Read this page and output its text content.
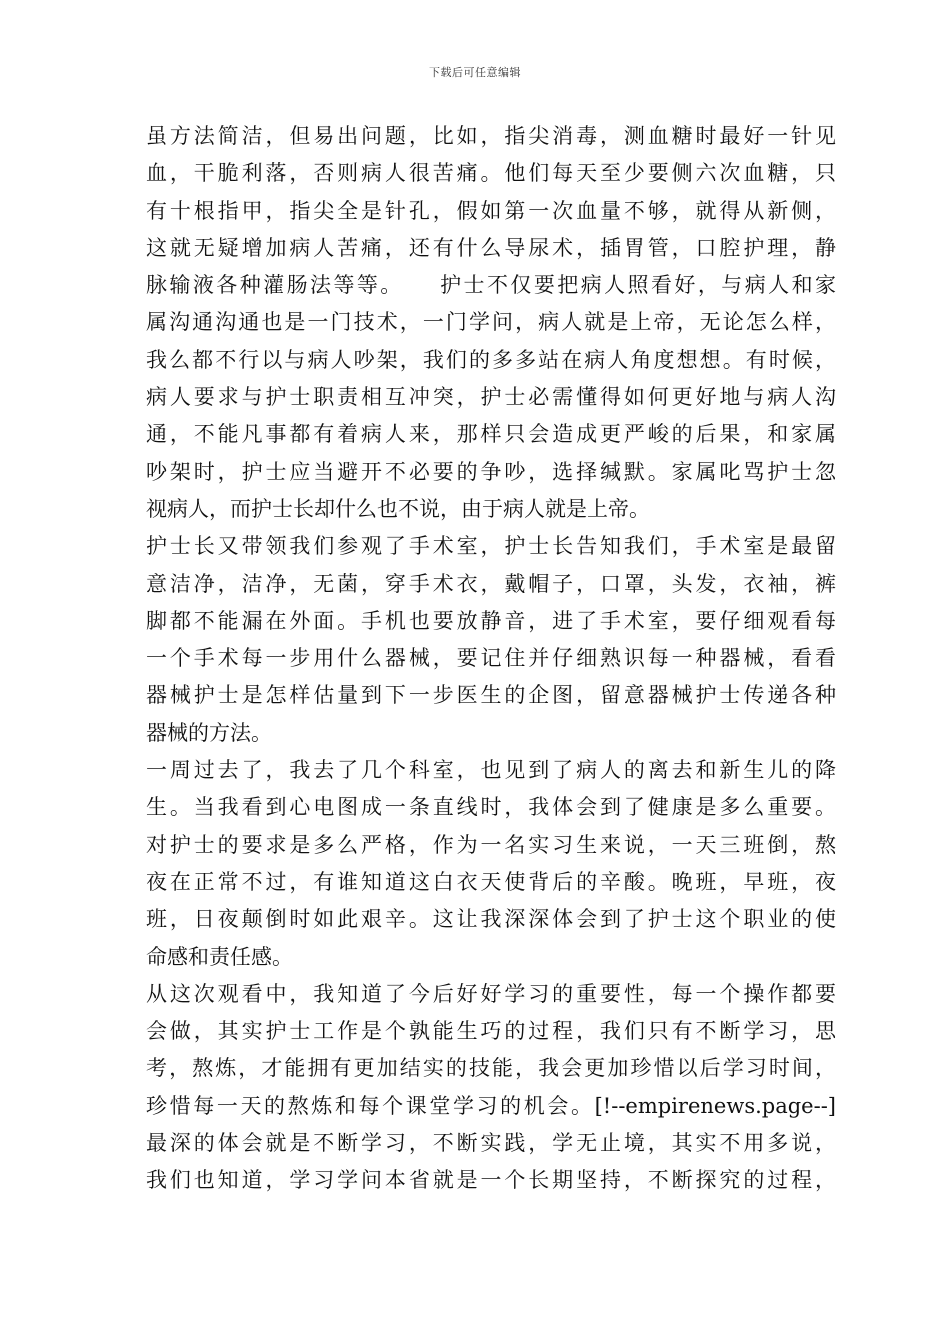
下载后可任意编辑
虽方法简洁，但易出问题，比如，指尖消毒，测血糖时最好一针见
血，干脆利落，否则病人很苦痛。他们每天至少要侧六次血糖，只
有十根指甲，指尖全是针孔，假如第一次血量不够，就得从新侧，
这就无疑增加病人苦痛，还有什么导尿术，插胃管，口腔护理，静
脉输液各种灌肠法等等。　　护士不仅要把病人照看好，与病人和家
属沟通沟通也是一门技术，一门学问，病人就是上帝，无论怎么样，
我么都不行以与病人吵架，我们的多多站在病人角度想想。有时候，
病人要求与护士职责相互冲突，护士必需懂得如何更好地与病人沟
通，不能凡事都有着病人来，那样只会造成更严峻的后果，和家属
吵架时，护士应当避开不必要的争吵，选择缄默。家属叱骂护士忽
视病人，而护士长却什么也不说，由于病人就是上帝。
护士长又带领我们参观了手术室，护士长告知我们，手术室是最留
意洁净，洁净，无菌，穿手术衣，戴帽子，口罩，头发，衣袖，裤
脚都不能漏在外面。手机也要放静音，进了手术室，要仔细观看每
一个手术每一步用什么器械，要记住并仔细熟识每一种器械，看看
器械护士是怎样估量到下一步医生的企图，留意器械护士传递各种
器械的方法。
一周过去了，我去了几个科室，也见到了病人的离去和新生儿的降
生。当我看到心电图成一条直线时，我体会到了健康是多么重要。
对护士的要求是多么严格，作为一名实习生来说，一天三班倒，熬
夜在正常不过，有谁知道这白衣天使背后的辛酸。晚班，早班，夜
班，日夜颠倒时如此艰辛。这让我深深体会到了护士这个职业的使
命感和责任感。
从这次观看中，我知道了今后好好学习的重要性，每一个操作都要
会做，其实护士工作是个孰能生巧的过程，我们只有不断学习，思
考，熬炼，才能拥有更加结实的技能，我会更加珍惜以后学习时间，
珍惜每一天的熬炼和每个课堂学习的机会。[!--empirenews.page--]
最深的体会就是不断学习，不断实践，学无止境，其实不用多说，
我们也知道，学习学问本省就是一个长期坚持，不断探究的过程，
